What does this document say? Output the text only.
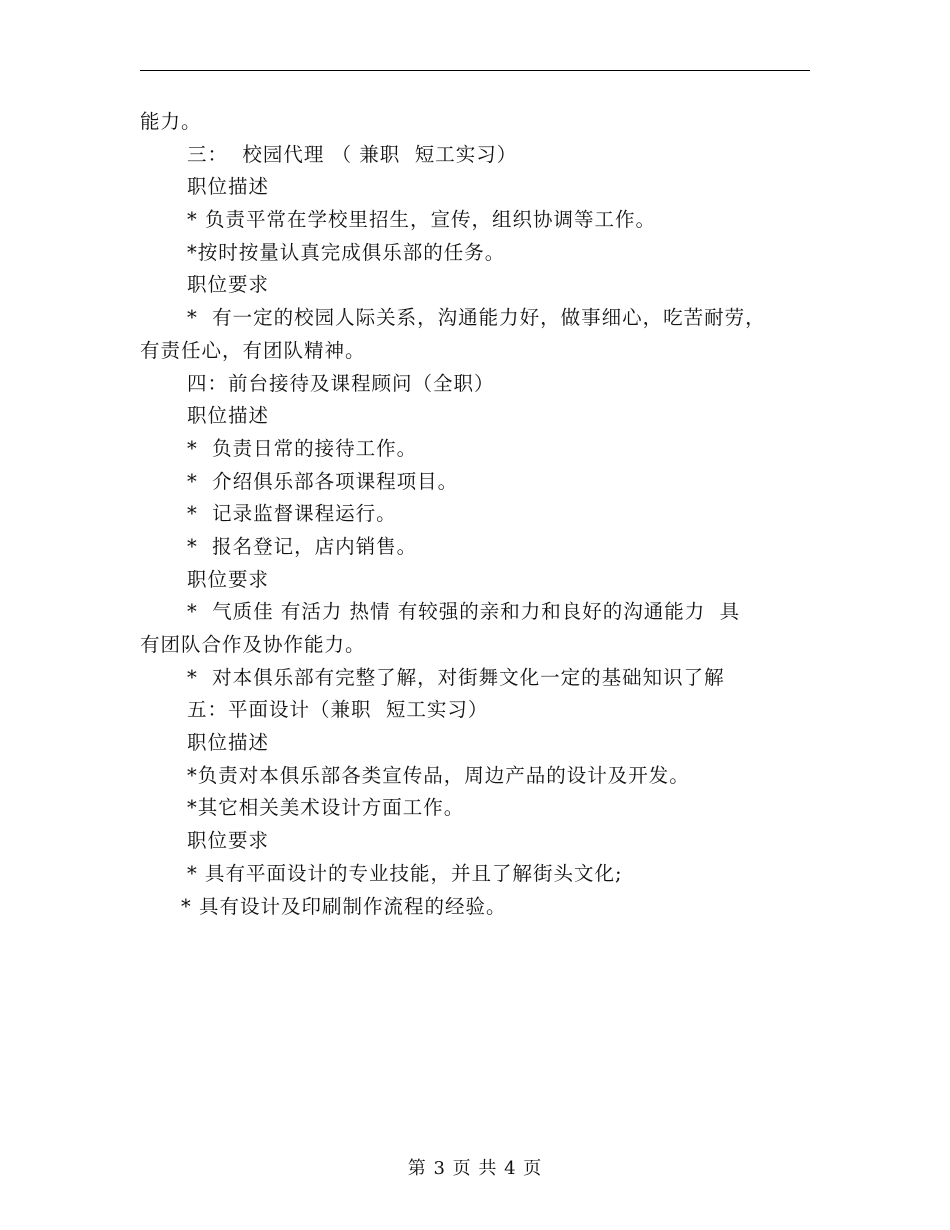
能力。
三：  校园代理 （ 兼职  短工实习）
职位描述
* 负责平常在学校里招生，宣传，组织协调等工作。
*按时按量认真完成俱乐部的任务。
职位要求
*  有一定的校园人际关系，沟通能力好，做事细心，吃苦耐劳，
有责任心，有团队精神。
四：前台接待及课程顾问（全职）
职位描述
*  负责日常的接待工作。
*  介绍俱乐部各项课程项目。
*  记录监督课程运行。
*  报名登记，店内销售。
职位要求
*  气质佳 有活力 热情 有较强的亲和力和良好的沟通能力  具
有团队合作及协作能力。
*  对本俱乐部有完整了解，对街舞文化一定的基础知识了解
五：平面设计（兼职  短工实习）
职位描述
*负责对本俱乐部各类宣传品，周边产品的设计及开发。
*其它相关美术设计方面工作。
职位要求
* 具有平面设计的专业技能，并且了解街头文化;
* 具有设计及印刷制作流程的经验。
第 3 页 共 4 页
